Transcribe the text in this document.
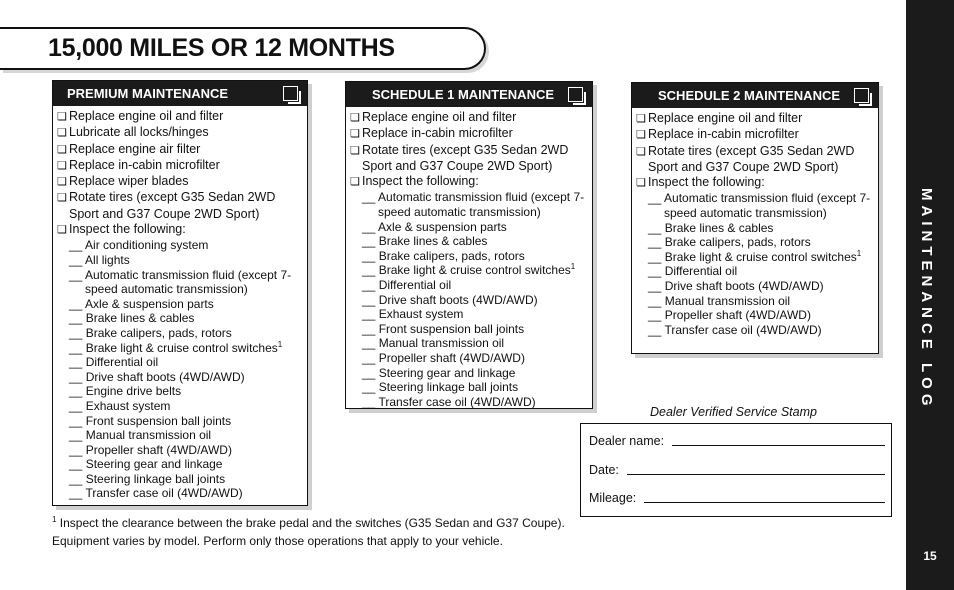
15,000 MILES OR 12 MONTHS
MAINTENANCE LOG
15
PREMIUM MAINTENANCE
❏ Replace engine oil and filter
❏ Lubricate all locks/hinges
❏ Replace engine air filter
❏ Replace in-cabin microfilter
❏ Replace wiper blades
❏ Rotate tires (except G35 Sedan 2WD Sport and G37 Coupe 2WD Sport)
❏ Inspect the following:
__ Air conditioning system
__ All lights
__ Automatic transmission fluid (except 7-speed automatic transmission)
__ Axle & suspension parts
__ Brake lines & cables
__ Brake calipers, pads, rotors
__ Brake light & cruise control switches$^1$
__ Differential oil
__ Drive shaft boots (4WD/AWD)
__ Engine drive belts
__ Exhaust system
__ Front suspension ball joints
__ Manual transmission oil
__ Propeller shaft (4WD/AWD)
__ Steering gear and linkage
__ Steering linkage ball joints
__ Transfer case oil (4WD/AWD)
SCHEDULE 1 MAINTENANCE
❏ Replace engine oil and filter
❏ Replace in-cabin microfilter
❏ Rotate tires (except G35 Sedan 2WD Sport and G37 Coupe 2WD Sport)
❏ Inspect the following:
__ Automatic transmission fluid (except 7-speed automatic transmission)
__ Axle & suspension parts
__ Brake lines & cables
__ Brake calipers, pads, rotors
__ Brake light & cruise control switches$^1$
__ Differential oil
__ Drive shaft boots (4WD/AWD)
__ Exhaust system
__ Front suspension ball joints
__ Manual transmission oil
__ Propeller shaft (4WD/AWD)
__ Steering gear and linkage
__ Steering linkage ball joints
__ Transfer case oil (4WD/AWD)
SCHEDULE 2 MAINTENANCE
❏ Replace engine oil and filter
❏ Replace in-cabin microfilter
❏ Rotate tires (except G35 Sedan 2WD Sport and G37 Coupe 2WD Sport)
❏ Inspect the following:
__ Automatic transmission fluid (except 7-speed automatic transmission)
__ Brake lines & cables
__ Brake calipers, pads, rotors
__ Brake light & cruise control switches$^1$
__ Differential oil
__ Drive shaft boots (4WD/AWD)
__ Manual transmission oil
__ Propeller shaft (4WD/AWD)
__ Transfer case oil (4WD/AWD)
Dealer Verified Service Stamp
Dealer name:
Date:
Mileage:
$^1$ Inspect the clearance between the brake pedal and the switches (G35 Sedan and G37 Coupe).
Equipment varies by model. Perform only those operations that apply to your vehicle.
